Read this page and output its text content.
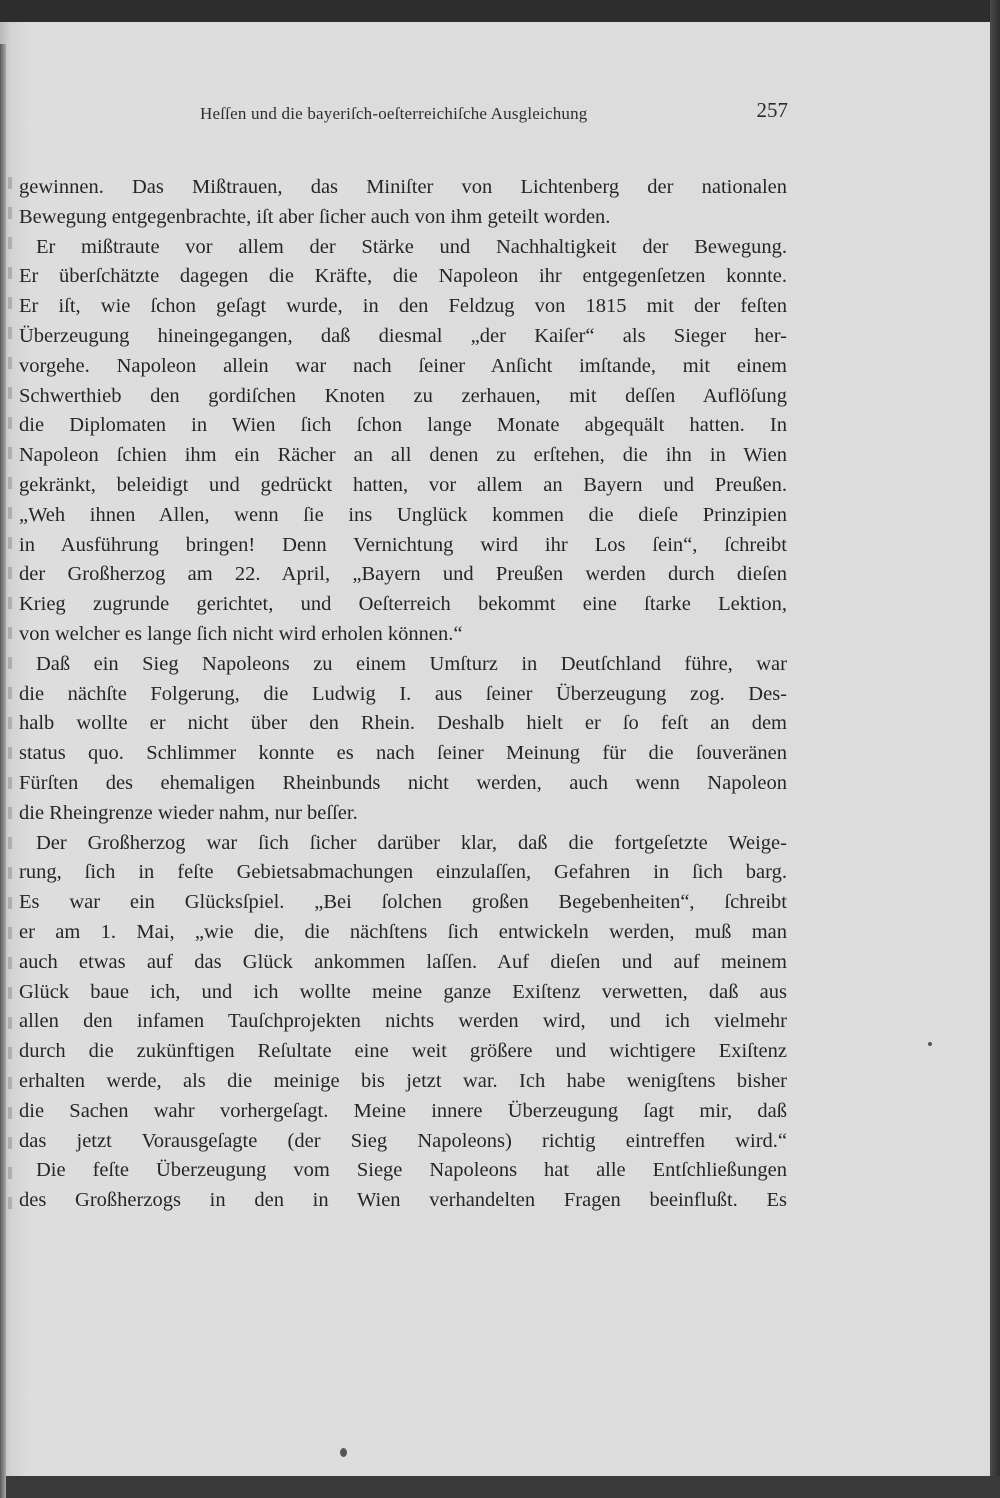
Heſſen und die bayeriſch-oeſterreichiſche Ausgleichung	257
gewinnen. Das Mißtrauen, das Miniſter von Lichtenberg der nationalen
Bewegung entgegenbrachte, iſt aber ſicher auch von ihm geteilt worden.
Er mißtraute vor allem der Stärke und Nachhaltigkeit der Bewegung.
Er überſchätzte dagegen die Kräfte, die Napoleon ihr entgegenſetzen konnte.
Er iſt, wie ſchon geſagt wurde, in den Feldzug von 1815 mit der feſten
Überzeugung hineingegangen, daß diesmal „der Kaiſer“ als Sieger her-
vorgehe. Napoleon allein war nach ſeiner Anſicht imſtande, mit einem
Schwerthieb den gordiſchen Knoten zu zerhauen, mit deſſen Auflöſung
die Diplomaten in Wien ſich ſchon lange Monate abgequält hatten. In
Napoleon ſchien ihm ein Rächer an all denen zu erſtehen, die ihn in Wien
gekränkt, beleidigt und gedrückt hatten, vor allem an Bayern und Preußen.
„Weh ihnen Allen, wenn ſie ins Unglück kommen die dieſe Prinzipien
in Ausführung bringen! Denn Vernichtung wird ihr Los ſein“, ſchreibt
der Großherzog am 22. April, „Bayern und Preußen werden durch dieſen
Krieg zugrunde gerichtet, und Oeſterreich bekommt eine ſtarke Lektion,
von welcher es lange ſich nicht wird erholen können.“
Daß ein Sieg Napoleons zu einem Umſturz in Deutſchland führe, war
die nächſte Folgerung, die Ludwig I. aus ſeiner Überzeugung zog. Des-
halb wollte er nicht über den Rhein. Deshalb hielt er ſo feſt an dem
status quo. Schlimmer konnte es nach ſeiner Meinung für die ſouveränen
Fürſten des ehemaligen Rheinbunds nicht werden, auch wenn Napoleon
die Rheingrenze wieder nahm, nur beſſer.
Der Großherzog war ſich ſicher darüber klar, daß die fortgeſetzte Weige-
rung, ſich in feſte Gebietsabmachungen einzulaſſen, Gefahren in ſich barg.
Es war ein Glücksſpiel. „Bei ſolchen großen Begebenheiten“, ſchreibt
er am 1. Mai, „wie die, die nächſtens ſich entwickeln werden, muß man
auch etwas auf das Glück ankommen laſſen. Auf dieſen und auf meinem
Glück baue ich, und ich wollte meine ganze Exiſtenz verwetten, daß aus
allen den infamen Tauſchprojekten nichts werden wird, und ich vielmehr
durch die zukünftigen Reſultate eine weit größere und wichtigere Exiſtenz
erhalten werde, als die meinige bis jetzt war. Ich habe wenigſtens bisher
die Sachen wahr vorhergeſagt. Meine innere Überzeugung ſagt mir, daß
das jetzt Vorausgeſagte (der Sieg Napoleons) richtig eintreffen wird.“
Die feſte Überzeugung vom Siege Napoleons hat alle Entſchließungen
des Großherzogs in den in Wien verhandelten Fragen beeinflußt. Es
